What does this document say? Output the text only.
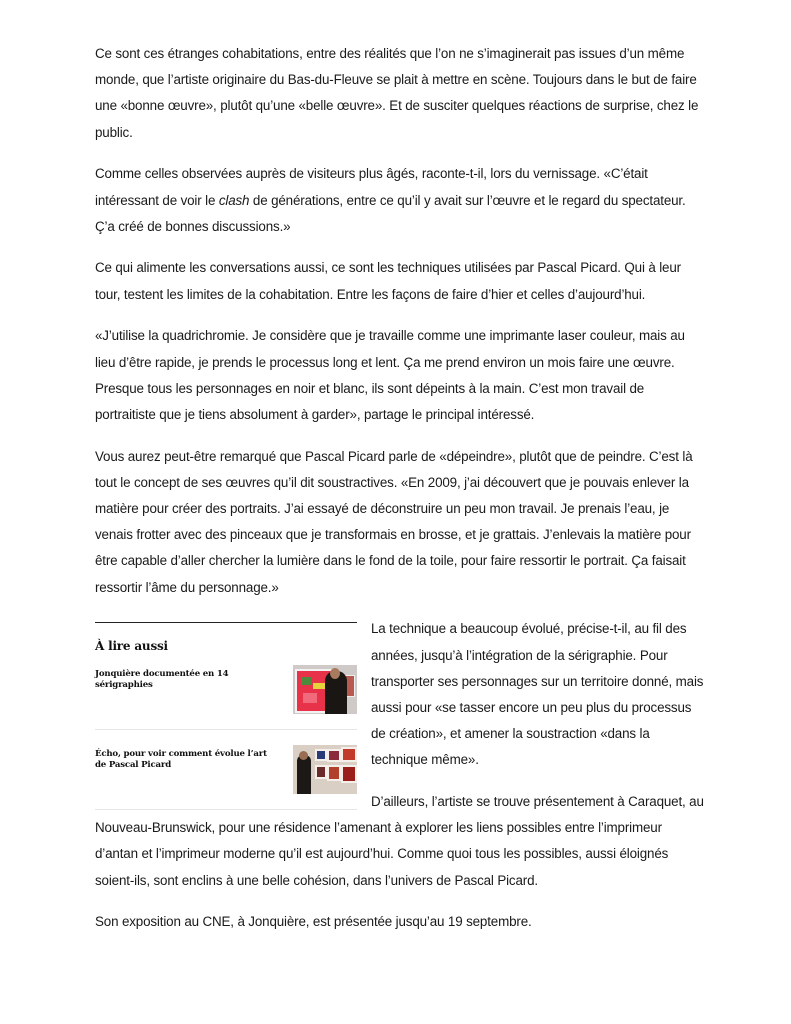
Ce sont ces étranges cohabitations, entre des réalités que l’on ne s’imaginerait pas issues d’un même monde, que l’artiste originaire du Bas-du-Fleuve se plait à mettre en scène. Toujours dans le but de faire une «bonne œuvre», plutôt qu’une «belle œuvre». Et de susciter quelques réactions de surprise, chez le public.

Comme celles observées auprès de visiteurs plus âgés, raconte-t-il, lors du vernissage. «C’était intéressant de voir le clash de générations, entre ce qu’il y avait sur l’œuvre et le regard du spectateur. Ç’a créé de bonnes discussions.»

Ce qui alimente les conversations aussi, ce sont les techniques utilisées par Pascal Picard. Qui à leur tour, testent les limites de la cohabitation. Entre les façons de faire d’hier et celles d’aujourd’hui.

«J’utilise la quadrichromie. Je considère que je travaille comme une imprimante laser couleur, mais au lieu d’être rapide, je prends le processus long et lent. Ça me prend environ un mois faire une œuvre. Presque tous les personnages en noir et blanc, ils sont dépeints à la main. C’est mon travail de portraitiste que je tiens absolument à garder», partage le principal intéressé.

Vous aurez peut-être remarqué que Pascal Picard parle de «dépeindre», plutôt que de peindre. C’est là tout le concept de ses œuvres qu’il dit soustractives. «En 2009, j’ai découvert que je pouvais enlever la matière pour créer des portraits. J’ai essayé de déconstruire un peu mon travail. Je prenais l’eau, je venais frotter avec des pinceaux que je transformais en brosse, et je grattais. J’enlevais la matière pour être capable d’aller chercher la lumière dans le fond de la toile, pour faire ressortir le portrait. Ça faisait ressortir l’âme du personnage.»

À lire aussi
Jonquière documentée en 14 sérigraphies
Écho, pour voir comment évolue l’art de Pascal Picard

La technique a beaucoup évolué, précise-t-il, au fil des années, jusqu’à l’intégration de la sérigraphie. Pour transporter ses personnages sur un territoire donné, mais aussi pour «se tasser encore un peu plus du processus de création», et amener la soustraction «dans la technique même».

D’ailleurs, l’artiste se trouve présentement à Caraquet, au Nouveau-Brunswick, pour une résidence l’amenant à explorer les liens possibles entre l’imprimeur d’antan et l’imprimeur moderne qu’il est aujourd’hui. Comme quoi tous les possibles, aussi éloignés soient-ils, sont enclins à une belle cohésion, dans l’univers de Pascal Picard.

Son exposition au CNE, à Jonquière, est présentée jusqu’au 19 septembre.
